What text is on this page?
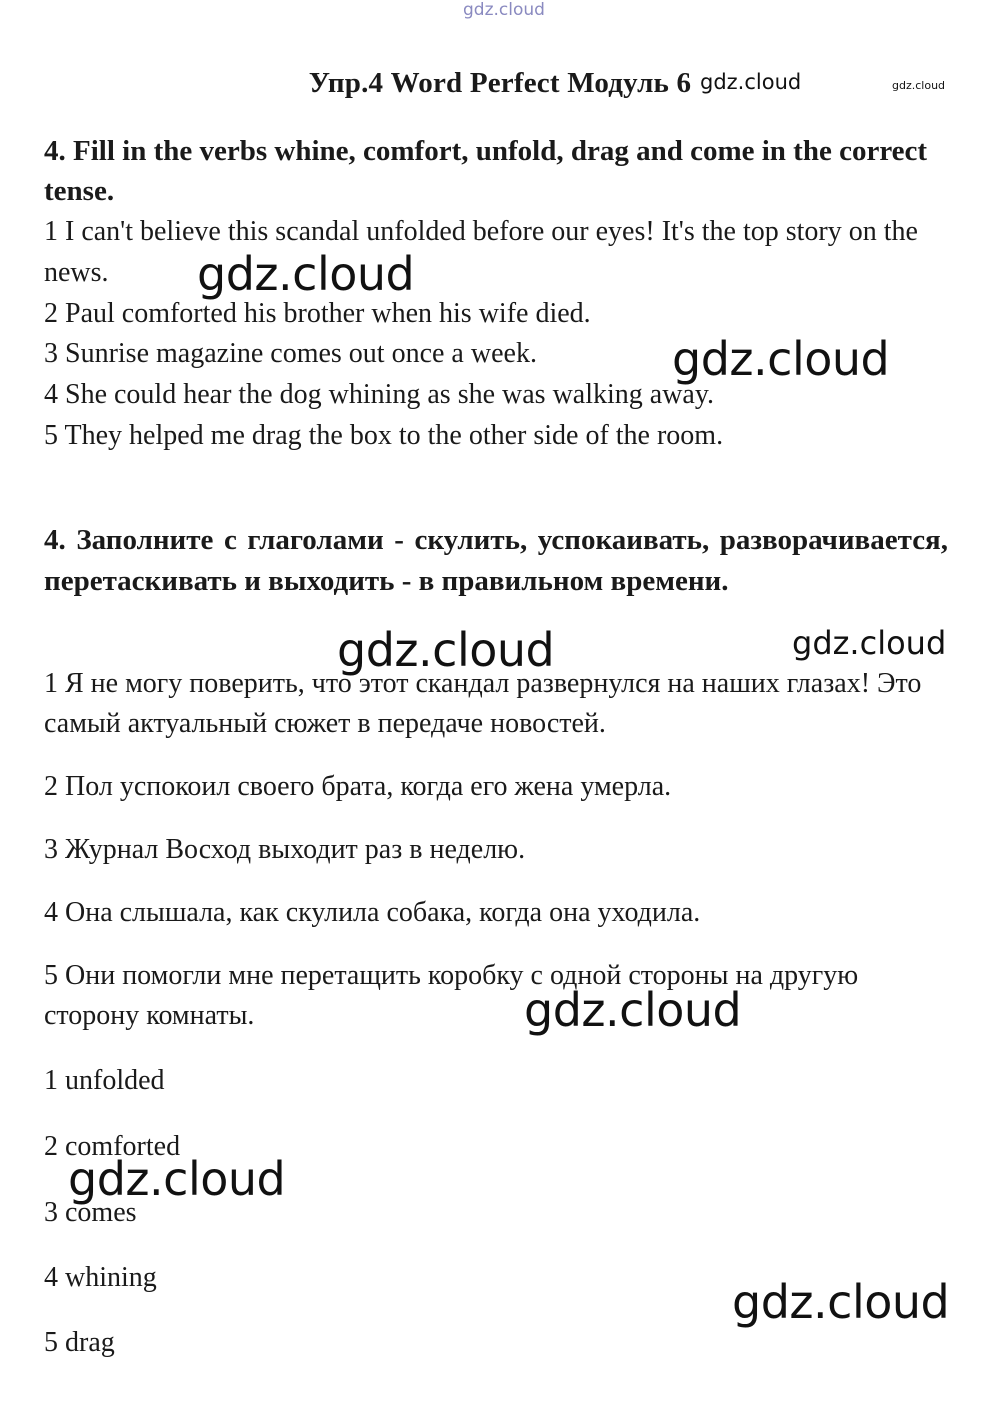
Упр.4 Word Perfect Модуль 6
4. Fill in the verbs whine, comfort, unfold, drag and come in the correct tense.
1 I can't believe this scandal unfolded before our eyes! It's the top story on the news.
2 Paul comforted his brother when his wife died.
3 Sunrise magazine comes out once a week.
4 She could hear the dog whining as she was walking away.
5 They helped me drag the box to the other side of the room.
4. Заполните с глаголами - скулить, успокаивать, разворачивается, перетаскивать и выходить - в правильном времени.
1 Я не могу поверить, что этот скандал развернулся на наших глазах! Это самый актуальный сюжет в передаче новостей.
2 Пол успокоил своего брата, когда его жена умерла.
3 Журнал Восход выходит раз в неделю.
4 Она слышала, как скулила собака, когда она уходила.
5 Они помогли мне перетащить коробку с одной стороны на другую сторону комнаты.
1 unfolded
2 comforted
3 comes
4 whining
5 drag
gdz.cloud
gdz.cloud	gdz.cloud
gdz.cloud
gdz.cloud
gdz.cloud	gdz.cloud
gdz.cloud
gdz.cloud
gdz.cloud
